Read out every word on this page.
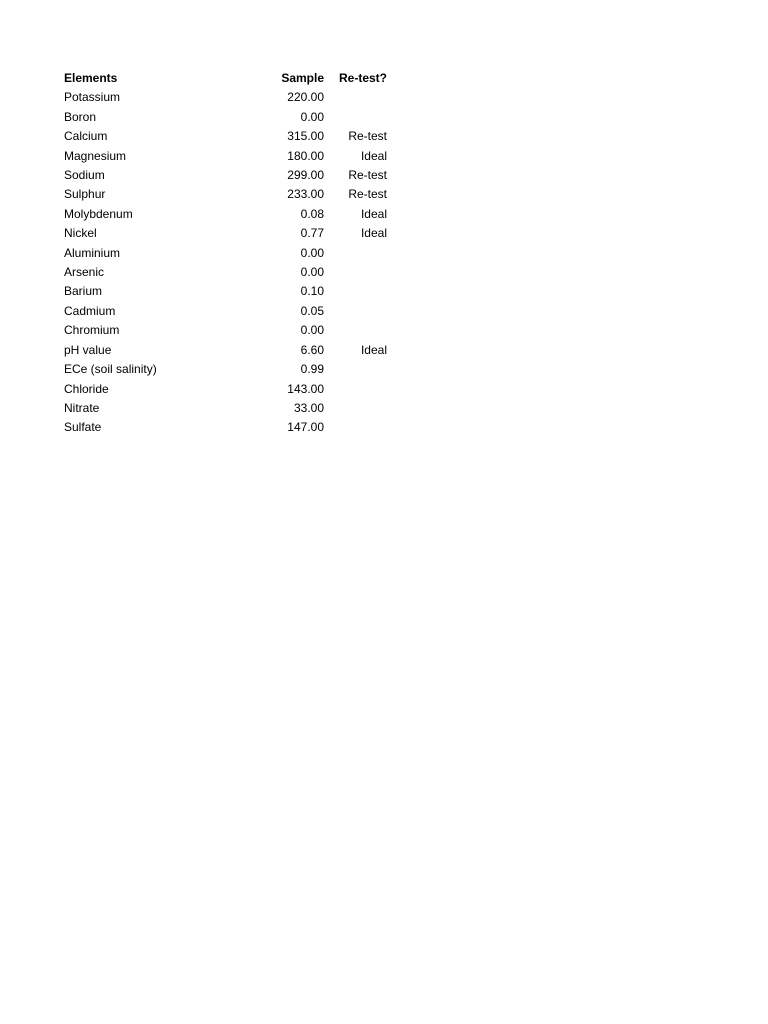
Elements	Sample	Re-test?
Potassium	220.00	
Boron	0.00	
Calcium	315.00	Re-test
Magnesium	180.00	Ideal
Sodium	299.00	Re-test
Sulphur	233.00	Re-test
Molybdenum	0.08	Ideal
Nickel	0.77	Ideal
Aluminium	0.00	
Arsenic	0.00	
Barium	0.10	
Cadmium	0.05	
Chromium	0.00	
pH value	6.60	Ideal
ECe (soil salinity)	0.99	
Chloride	143.00	
Nitrate	33.00	
Sulfate	147.00	
